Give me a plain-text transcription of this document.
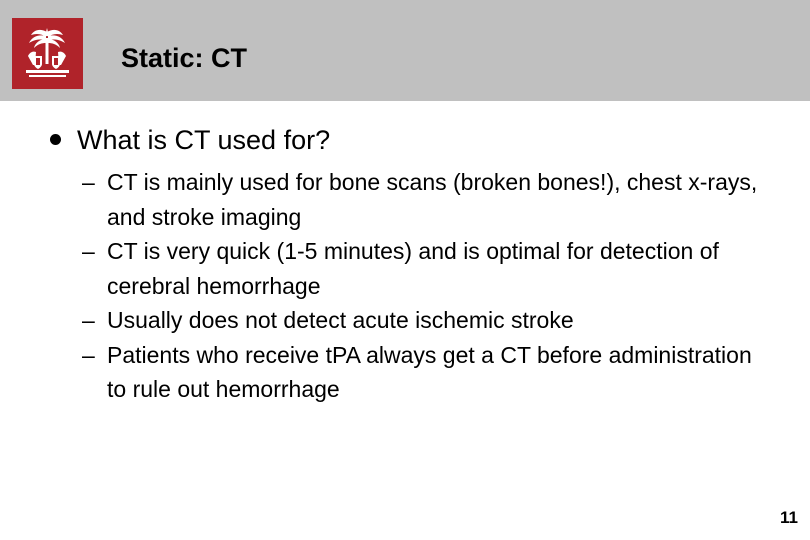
Static: CT
What is CT used for?
– CT is mainly used for bone scans (broken bones!), chest x-rays, and stroke imaging
– CT is very quick (1-5 minutes) and is optimal for detection of cerebral hemorrhage
– Usually does not detect acute ischemic stroke
– Patients who receive tPA always get a CT before administration to rule out hemorrhage
11
